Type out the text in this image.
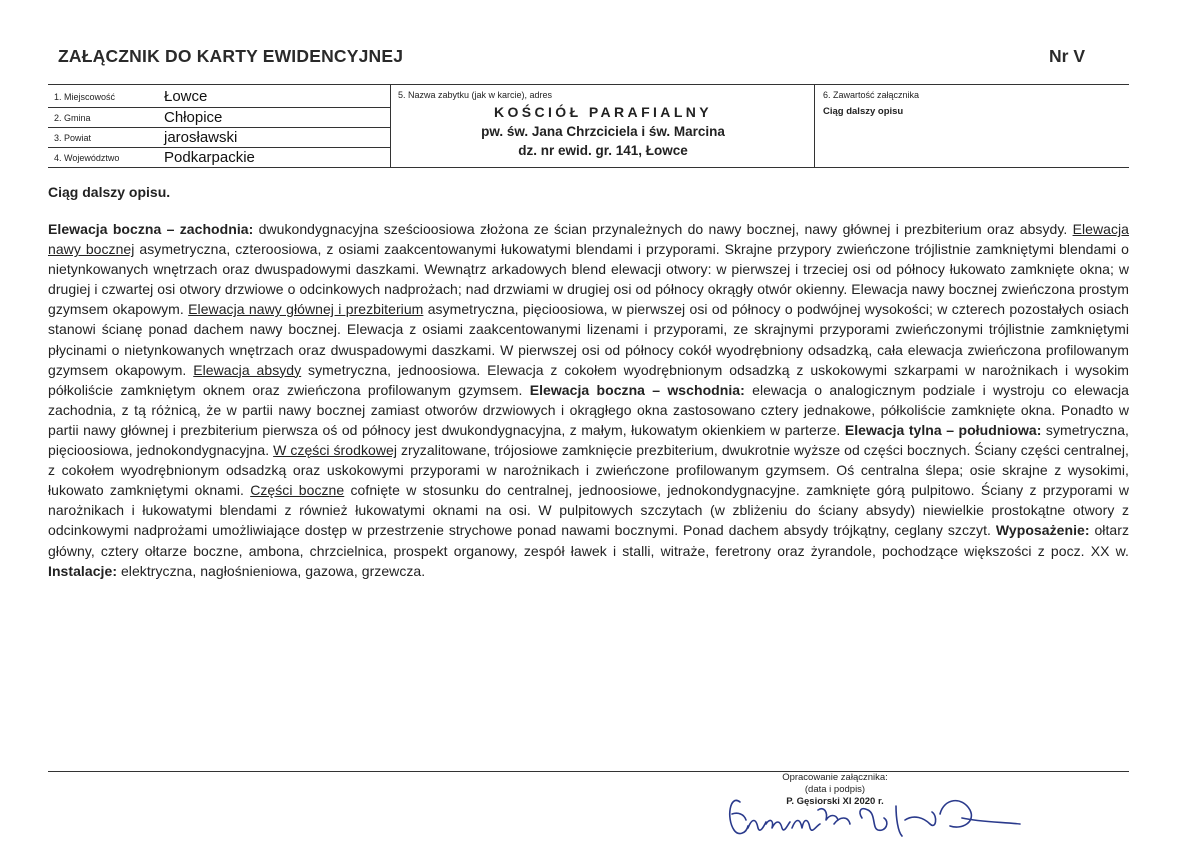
ZAŁĄCZNIK DO KARTY EWIDENCYJNEJ	Nr V
1. Miejscowość	Łowce
2. Gmina	Chłopice
3. Powiat	jarosławski
4. Województwo	Podkarpackie
5. Nazwa zabytku (jak w karcie), adres
KOŚCIÓŁ PARAFIALNY
pw. św. Jana Chrzciciela i św. Marcina
dz. nr ewid. gr. 141, Łowce
6. Zawartość załącznika
Ciąg dalszy opisu
Ciąg dalszy opisu.
Elewacja boczna – zachodnia: dwukondygnacyjna sześcioosiowa złożona ze ścian przynależnych do nawy bocznej, nawy głównej i prezbiterium oraz absydy. Elewacja nawy bocznej asymetryczna, czteroosiowa, z osiami zaakcentowanymi łukowatymi blendami i przyporami. Skrajne przypory zwieńczone trójlistnie zamkniętymi blendami o nietynkowanych wnętrzach oraz dwuspadowymi daszkami. Wewnątrz arkadowych blend elewacji otwory: w pierwszej i trzeciej osi od północy łukowato zamknięte okna; w drugiej i czwartej osi otwory drzwiowe o odcinkowych nadprożach; nad drzwiami w drugiej osi od północy okrągły otwór okienny. Elewacja nawy bocznej zwieńczona prostym gzymsem okapowym. Elewacja nawy głównej i prezbiterium asymetryczna, pięcioosiowa, w pierwszej osi od północy o podwójnej wysokości; w czterech pozostałych osiach stanowi ścianę ponad dachem nawy bocznej. Elewacja z osiami zaakcentowanymi lizenami i przyporami, ze skrajnymi przyporami zwieńczonymi trójlistnie zamkniętymi płycinami o nietynkowanych wnętrzach oraz dwuspadowymi daszkami. W pierwszej osi od północy cokół wyodrębniony odsadzką, cała elewacja zwieńczona profilowanym gzymsem okapowym. Elewacja absydy symetryczna, jednoosiowa. Elewacja z cokołem wyodrębnionym odsadzką z uskokowymi szkarpami w narożnikach i wysokim półkoliście zamkniętym oknem oraz zwieńczona profilowanym gzymsem. Elewacja boczna – wschodnia: elewacja o analogicznym podziale i wystroju co elewacja zachodnia, z tą różnicą, że w partii nawy bocznej zamiast otworów drzwiowych i okrągłego okna zastosowano cztery jednakowe, półkoliście zamknięte okna. Ponadto w partii nawy głównej i prezbiterium pierwsza oś od północy jest dwukondygnacyjna, z małym, łukowatym okienkiem w parterze. Elewacja tylna – południowa: symetryczna, pięcioosiowa, jednokondygnacyjna. W części środkowej zryzalitowane, trójosiowe zamknięcie prezbiterium, dwukrotnie wyższe od części bocznych. Ściany części centralnej, z cokołem wyodrębnionym odsadzką oraz uskokowymi przyporami w narożnikach i zwieńczone profilowanym gzymsem. Oś centralna ślepa; osie skrajne z wysokimi, łukowato zamkniętymi oknami. Części boczne cofnięte w stosunku do centralnej, jednoosiowe, jednokondygnacyjne. zamknięte górą pulpitowo. Ściany z przyporami w narożnikach i łukowatymi blendami z również łukowatymi oknami na osi. W pulpitowych szczytach (w zbliżeniu do ściany absydy) niewielkie prostokątne otwory z odcinkowymi nadprożami umożliwiające dostęp w przestrzenie strychowe ponad nawami bocznymi. Ponad dachem absydy trójkątny, ceglany szczyt. Wyposażenie: ołtarz główny, cztery ołtarze boczne, ambona, chrzcielnica, prospekt organowy, zespół ławek i stalli, witraże, feretrony oraz żyrandole, pochodzące większości z pocz. XX w. Instalacje: elektryczna, nagłośnieniowa, gazowa, grzewcza.
Opracowanie załącznika:
(data i podpis)
P. Gęsiorski XI 2020 r.
